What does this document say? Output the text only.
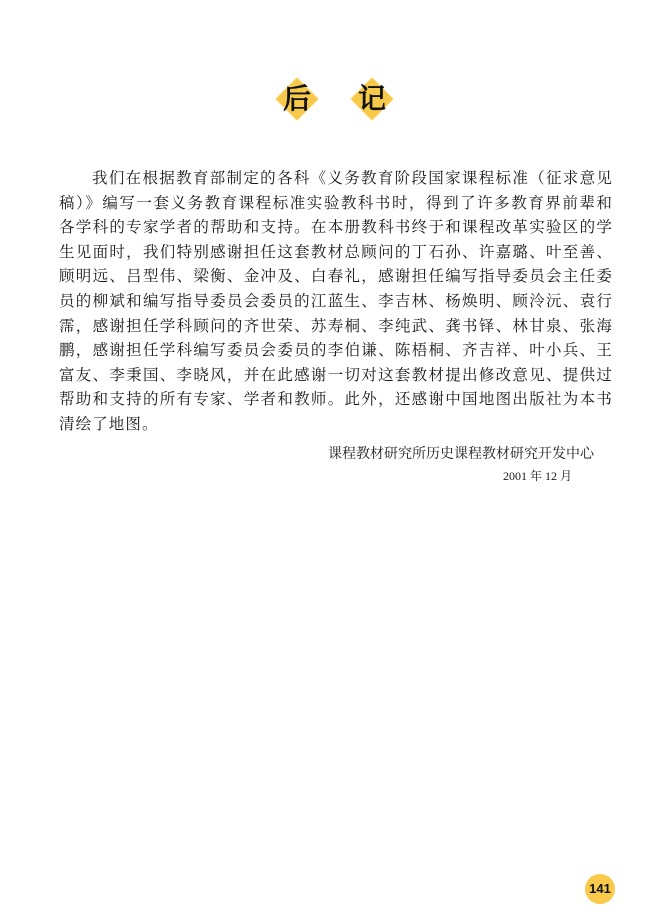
后 记

我们在根据教育部制定的各科《义务教育阶段国家课程标准（征求意见稿）》编写一套义务教育课程标准实验教科书时，得到了许多教育界前辈和各学科的专家学者的帮助和支持。在本册教科书终于和课程改革实验区的学生见面时，我们特别感谢担任这套教材总顾问的丁石孙、许嘉璐、叶至善、顾明远、吕型伟、梁衡、金冲及、白春礼，感谢担任编写指导委员会主任委员的柳斌和编写指导委员会委员的江蓝生、李吉林、杨焕明、顾泠沅、袁行霈，感谢担任学科顾问的齐世荣、苏寿桐、李纯武、龚书铎、林甘泉、张海鹏，感谢担任学科编写委员会委员的李伯谦、陈梧桐、齐吉祥、叶小兵、王富友、李秉国、李晓风，并在此感谢一切对这套教材提出修改意见、提供过帮助和支持的所有专家、学者和教师。此外，还感谢中国地图出版社为本书清绘了地图。

课程教材研究所历史课程教材研究开发中心
2001 年 12 月
141
